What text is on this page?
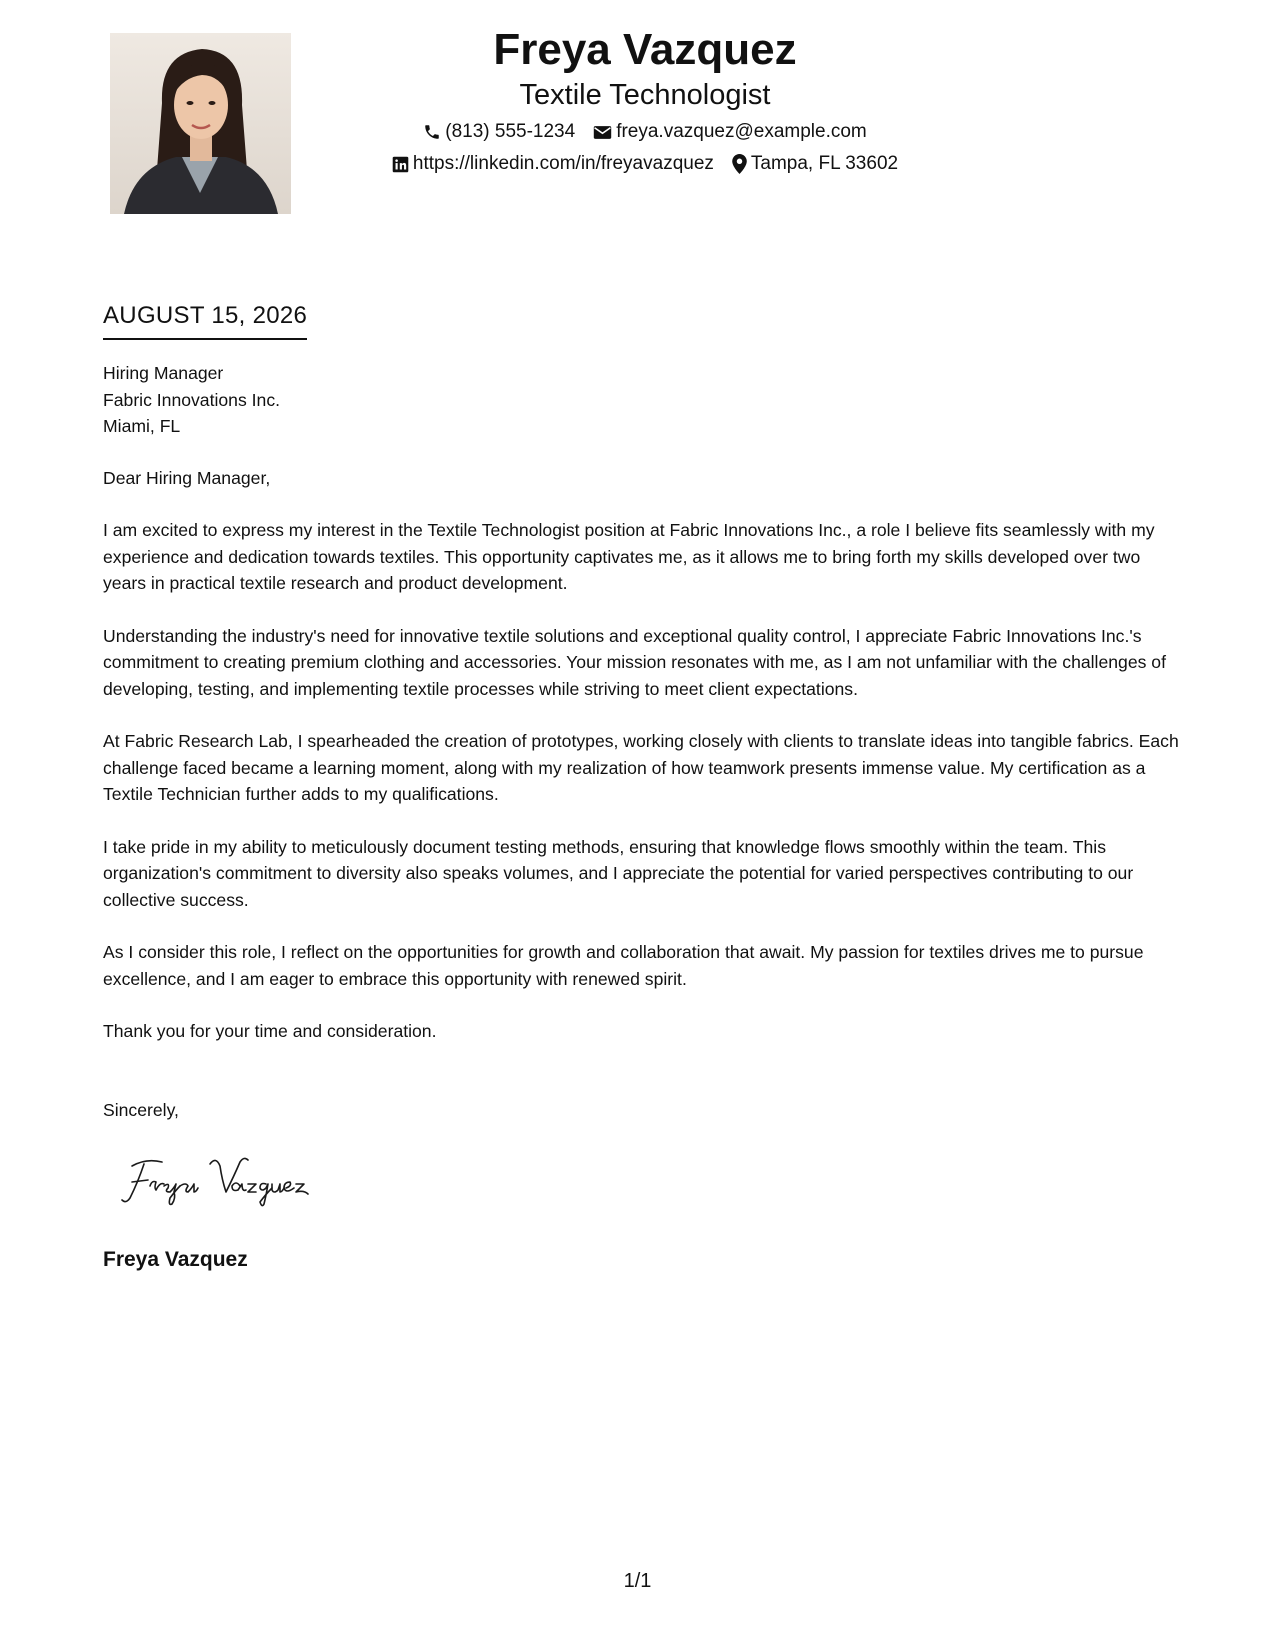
Freya Vazquez

Textile Technologist

(813) 555-1234 freya.vazquez@example.com
https://linkedin.com/in/freyavazquez Tampa, FL 33602
AUGUST 15, 2026

Hiring Manager

Fabric Innovations Inc.

Miami, FL

Dear Hiring Manager,

I am excited to express my interest in the Textile Technologist position at Fabric Innovations Inc., a role I believe fits seamlessly with my experience and dedication towards textiles. This opportunity captivates me, as it allows me to bring forth my skills developed over two years in practical textile research and product development.

Understanding the industry's need for innovative textile solutions and exceptional quality control, I appreciate Fabric Innovations Inc.'s commitment to creating premium clothing and accessories. Your mission resonates with me, as I am not unfamiliar with the challenges of developing, testing, and implementing textile processes while striving to meet client expectations.

At Fabric Research Lab, I spearheaded the creation of prototypes, working closely with clients to translate ideas into tangible fabrics. Each challenge faced became a learning moment, along with my realization of how teamwork presents immense value. My certification as a Textile Technician further adds to my qualifications.

I take pride in my ability to meticulously document testing methods, ensuring that knowledge flows smoothly within the team. This organization's commitment to diversity also speaks volumes, and I appreciate the potential for varied perspectives contributing to our collective success.

As I consider this role, I reflect on the opportunities for growth and collaboration that await. My passion for textiles drives me to pursue excellence, and I am eager to embrace this opportunity with renewed spirit.

Thank you for your time and consideration.

Sincerely,

Freya Vazquez
1/1
